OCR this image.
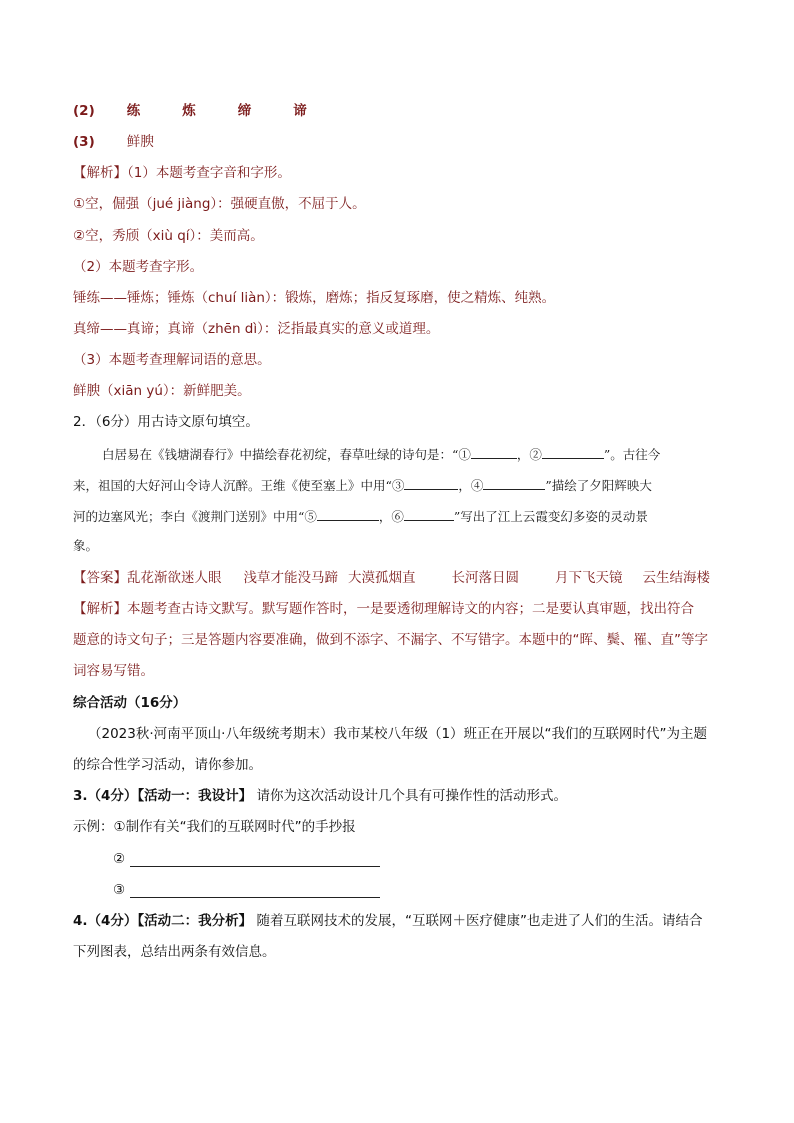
(2) 练	炼	缔	谛
(3) 鲜腴
【解析】（1）本题考查字音和字形。
①空，倔强（jué jiàng）：强硬直傲，不屈于人。
②空，秀颀（xiù qí）：美而高。
（2）本题考查字形。
锤练——锤炼；锤炼（chuí liàn）：锻炼，磨炼；指反复琢磨，使之精炼、纯熟。
真缔——真谛；真谛（zhēn dì）：泛指最真实的意义或道理。
（3）本题考查理解词语的意思。
鲜腴（xiān yú）：新鲜肥美。
2．（6分）用古诗文原句填空。
白居易在《钱塘湖春行》中描绘春花初绽，春草吐绿的诗句是：“①	，②	”。古往今
来，祖国的大好河山令诗人沉醉。王维《使至塞上》中用“③	，④	”描绘了夕阳辉映大
河的边塞风光；李白《渡荆门送别》中用“⑤	，⑥	”写出了江上云霞变幻多姿的灵动景
象。
【答案】乱花渐欲迷人眼 浅草才能没马蹄 大漠孤烟直	长河落日圆	月下飞天镜 云生结海楼
【解析】本题考查古诗文默写。默写题作答时，一是要透彻理解诗文的内容；二是要认真审题，找出符合
题意的诗文句子；三是答题内容要准确，做到不添字、不漏字、不写错字。本题中的“晖、鬓、罹、直”等字
词容易写错。
综合活动（16分）
（2023秋·河南平顶山·八年级统考期末）我市某校八年级（1）班正在开展以“我们的互联网时代”为主题
的综合性学习活动，请你参加。
3.（4分）【活动一：我设计】 请你为这次活动设计几个具有可操作性的活动形式。
示例：①制作有关“我们的互联网时代”的手抄报
②
③
4.（4分）【活动二：我分析】 随着互联网技术的发展，“互联网＋医疗健康”也走进了人们的生活。请结合
下列图表，总结出两条有效信息。
